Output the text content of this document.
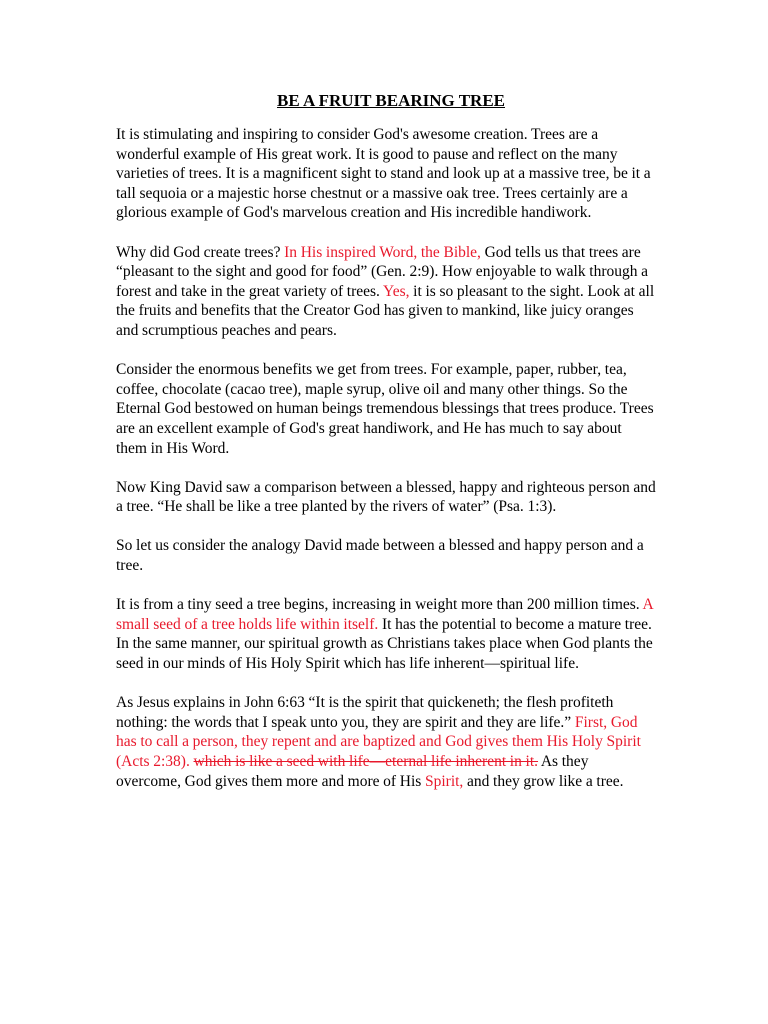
BE A FRUIT BEARING TREE

It is stimulating and inspiring to consider God's awesome creation. Trees are a wonderful example of His great work. It is good to pause and reflect on the many varieties of trees. It is a magnificent sight to stand and look up at a massive tree, be it a tall sequoia or a majestic horse chestnut or a massive oak tree. Trees certainly are a glorious example of God's marvelous creation and His incredible handiwork.

Why did God create trees? In His inspired Word, the Bible, God tells us that trees are “pleasant to the sight and good for food” (Gen. 2:9). How enjoyable to walk through a forest and take in the great variety of trees. Yes, it is so pleasant to the sight. Look at all the fruits and benefits that the Creator God has given to mankind, like juicy oranges and scrumptious peaches and pears.

Consider the enormous benefits we get from trees. For example, paper, rubber, tea, coffee, chocolate (cacao tree), maple syrup, olive oil and many other things. So the Eternal God bestowed on human beings tremendous blessings that trees produce. Trees are an excellent example of God's great handiwork, and He has much to say about them in His Word.

Now King David saw a comparison between a blessed, happy and righteous person and a tree. “He shall be like a tree planted by the rivers of water” (Psa. 1:3).

So let us consider the analogy David made between a blessed and happy person and a tree.

It is from a tiny seed a tree begins, increasing in weight more than 200 million times. A small seed of a tree holds life within itself. It has the potential to become a mature tree. In the same manner, our spiritual growth as Christians takes place when God plants the seed in our minds of His Holy Spirit which has life inherent—spiritual life.

As Jesus explains in John 6:63 “It is the spirit that quickeneth; the flesh profiteth nothing: the words that I speak unto you, they are spirit and they are life.” First, God has to call a person, they repent and are baptized and God gives them His Holy Spirit (Acts 2:38). which is like a seed with life—eternal life inherent in it. As they overcome, God gives them more and more of His Spirit, and they grow like a tree.
